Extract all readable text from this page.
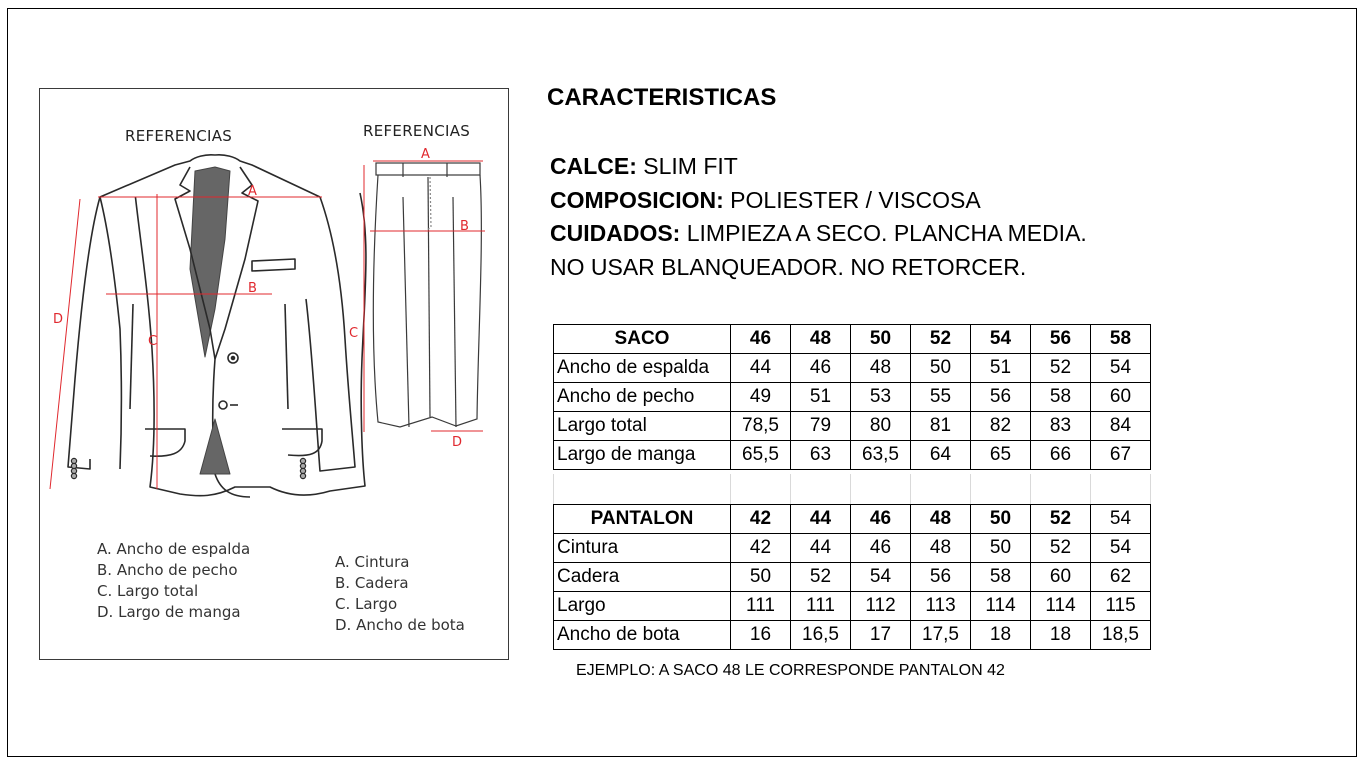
A
B
C
D
A
B
C
D
REFERENCIAS	REFERENCIAS
A. Ancho de espalda
B. Ancho de pecho
C. Largo total
D. Largo de manga
A. Cintura
B. Cadera
C. Largo
D. Ancho de bota
CARACTERISTICAS
CALCE: SLIM FIT
COMPOSICION: POLIESTER / VISCOSA
CUIDADOS: LIMPIEZA A SECO. PLANCHA MEDIA.
NO USAR BLANQUEADOR. NO RETORCER.
SACO	46	48	50	52	54	56	58
Ancho de espalda	44	46	48	50	51	52	54
Ancho de pecho	49	51	53	55	56	58	60
Largo total	78,5	79	80	81	82	83	84
Largo de manga	65,5	63	63,5	64	65	66	67
PANTALON	42	44	46	48	50	52	54
Cintura	42	44	46	48	50	52	54
Cadera	50	52	54	56	58	60	62
Largo	111	111	112	113	114	114	115
Ancho de bota	16	16,5	17	17,5	18	18	18,5
EJEMPLO: A SACO 48 LE CORRESPONDE PANTALON 42
